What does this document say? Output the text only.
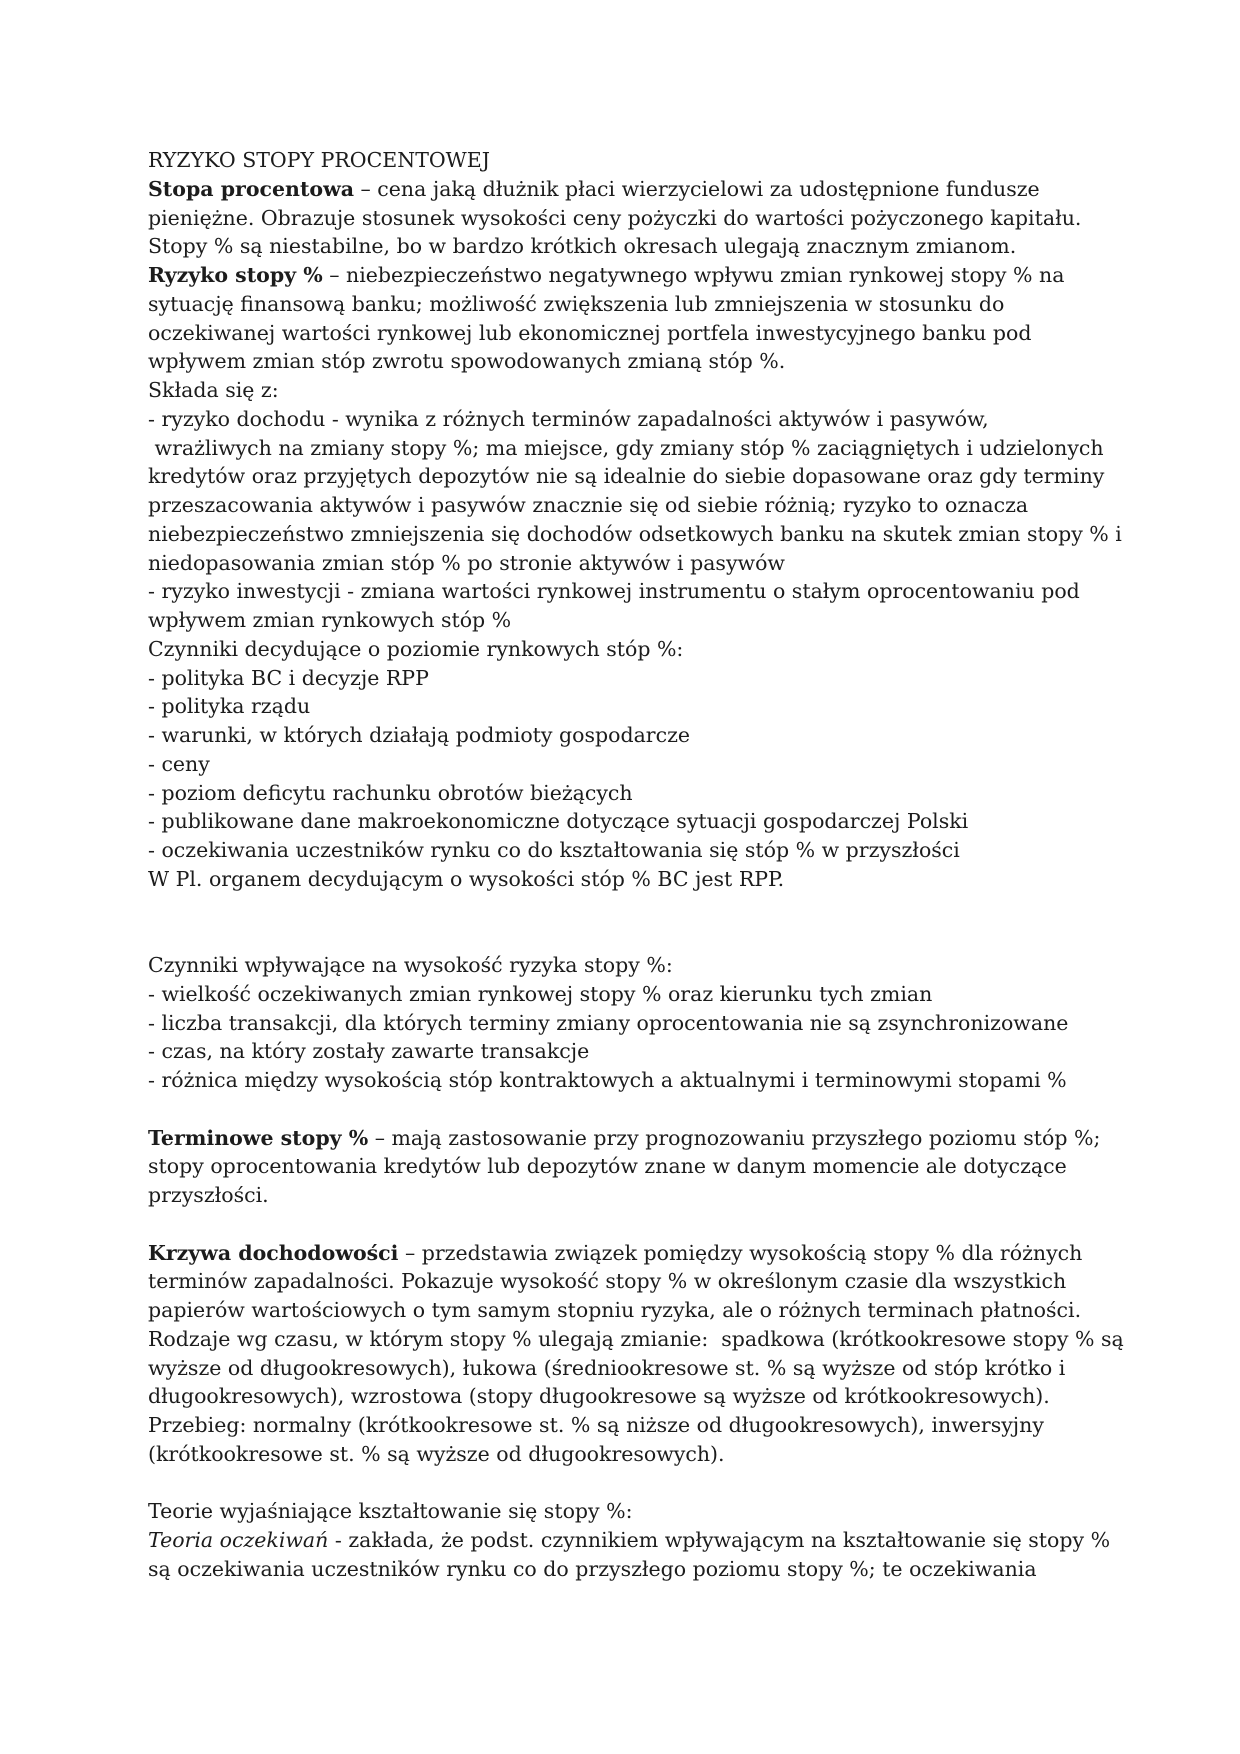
RYZYKO STOPY PROCENTOWEJ
Stopa procentowa – cena jaką dłużnik płaci wierzycielowi za udostępnione fundusze
pieniężne. Obrazuje stosunek wysokości ceny pożyczki do wartości pożyczonego kapitału.
Stopy % są niestabilne, bo w bardzo krótkich okresach ulegają znacznym zmianom.
Ryzyko stopy % – niebezpieczeństwo negatywnego wpływu zmian rynkowej stopy % na
sytuację finansową banku; możliwość zwiększenia lub zmniejszenia w stosunku do
oczekiwanej wartości rynkowej lub ekonomicznej portfela inwestycyjnego banku pod
wpływem zmian stóp zwrotu spowodowanych zmianą stóp %.
Składa się z:
- ryzyko dochodu - wynika z różnych terminów zapadalności aktywów i pasywów,
wrażliwych na zmiany stopy %; ma miejsce, gdy zmiany stóp % zaciągniętych i udzielonych
kredytów oraz przyjętych depozytów nie są idealnie do siebie dopasowane oraz gdy terminy
przeszacowania aktywów i pasywów znacznie się od siebie różnią; ryzyko to oznacza
niebezpieczeństwo zmniejszenia się dochodów odsetkowych banku na skutek zmian stopy % i
niedopasowania zmian stóp % po stronie aktywów i pasywów
- ryzyko inwestycji - zmiana wartości rynkowej instrumentu o stałym oprocentowaniu pod
wpływem zmian rynkowych stóp %
Czynniki decydujące o poziomie rynkowych stóp %:
- polityka BC i decyzje RPP
- polityka rządu
- warunki, w których działają podmioty gospodarcze
- ceny
- poziom deficytu rachunku obrotów bieżących
- publikowane dane makroekonomiczne dotyczące sytuacji gospodarczej Polski
- oczekiwania uczestników rynku co do kształtowania się stóp % w przyszłości
W Pl. organem decydującym o wysokości stóp % BC jest RPP.
Czynniki wpływające na wysokość ryzyka stopy %:
- wielkość oczekiwanych zmian rynkowej stopy % oraz kierunku tych zmian
- liczba transakcji, dla których terminy zmiany oprocentowania nie są zsynchronizowane
- czas, na który zostały zawarte transakcje
- różnica między wysokością stóp kontraktowych a aktualnymi i terminowymi stopami %
Terminowe stopy % – mają zastosowanie przy prognozowaniu przyszłego poziomu stóp %;
stopy oprocentowania kredytów lub depozytów znane w danym momencie ale dotyczące
przyszłości.
Krzywa dochodowości – przedstawia związek pomiędzy wysokością stopy % dla różnych
terminów zapadalności. Pokazuje wysokość stopy % w określonym czasie dla wszystkich
papierów wartościowych o tym samym stopniu ryzyka, ale o różnych terminach płatności.
Rodzaje wg czasu, w którym stopy % ulegają zmianie:  spadkowa (krótkookresowe stopy % są
wyższe od długookresowych), łukowa (średniookresowe st. % są wyższe od stóp krótko i
długookresowych), wzrostowa (stopy długookresowe są wyższe od krótkookresowych).
Przebieg: normalny (krótkookresowe st. % są niższe od długookresowych), inwersyjny
(krótkookresowe st. % są wyższe od długookresowych).
Teorie wyjaśniające kształtowanie się stopy %:
Teoria oczekiwań - zakłada, że podst. czynnikiem wpływającym na kształtowanie się stopy %
są oczekiwania uczestników rynku co do przyszłego poziomu stopy %; te oczekiwania
